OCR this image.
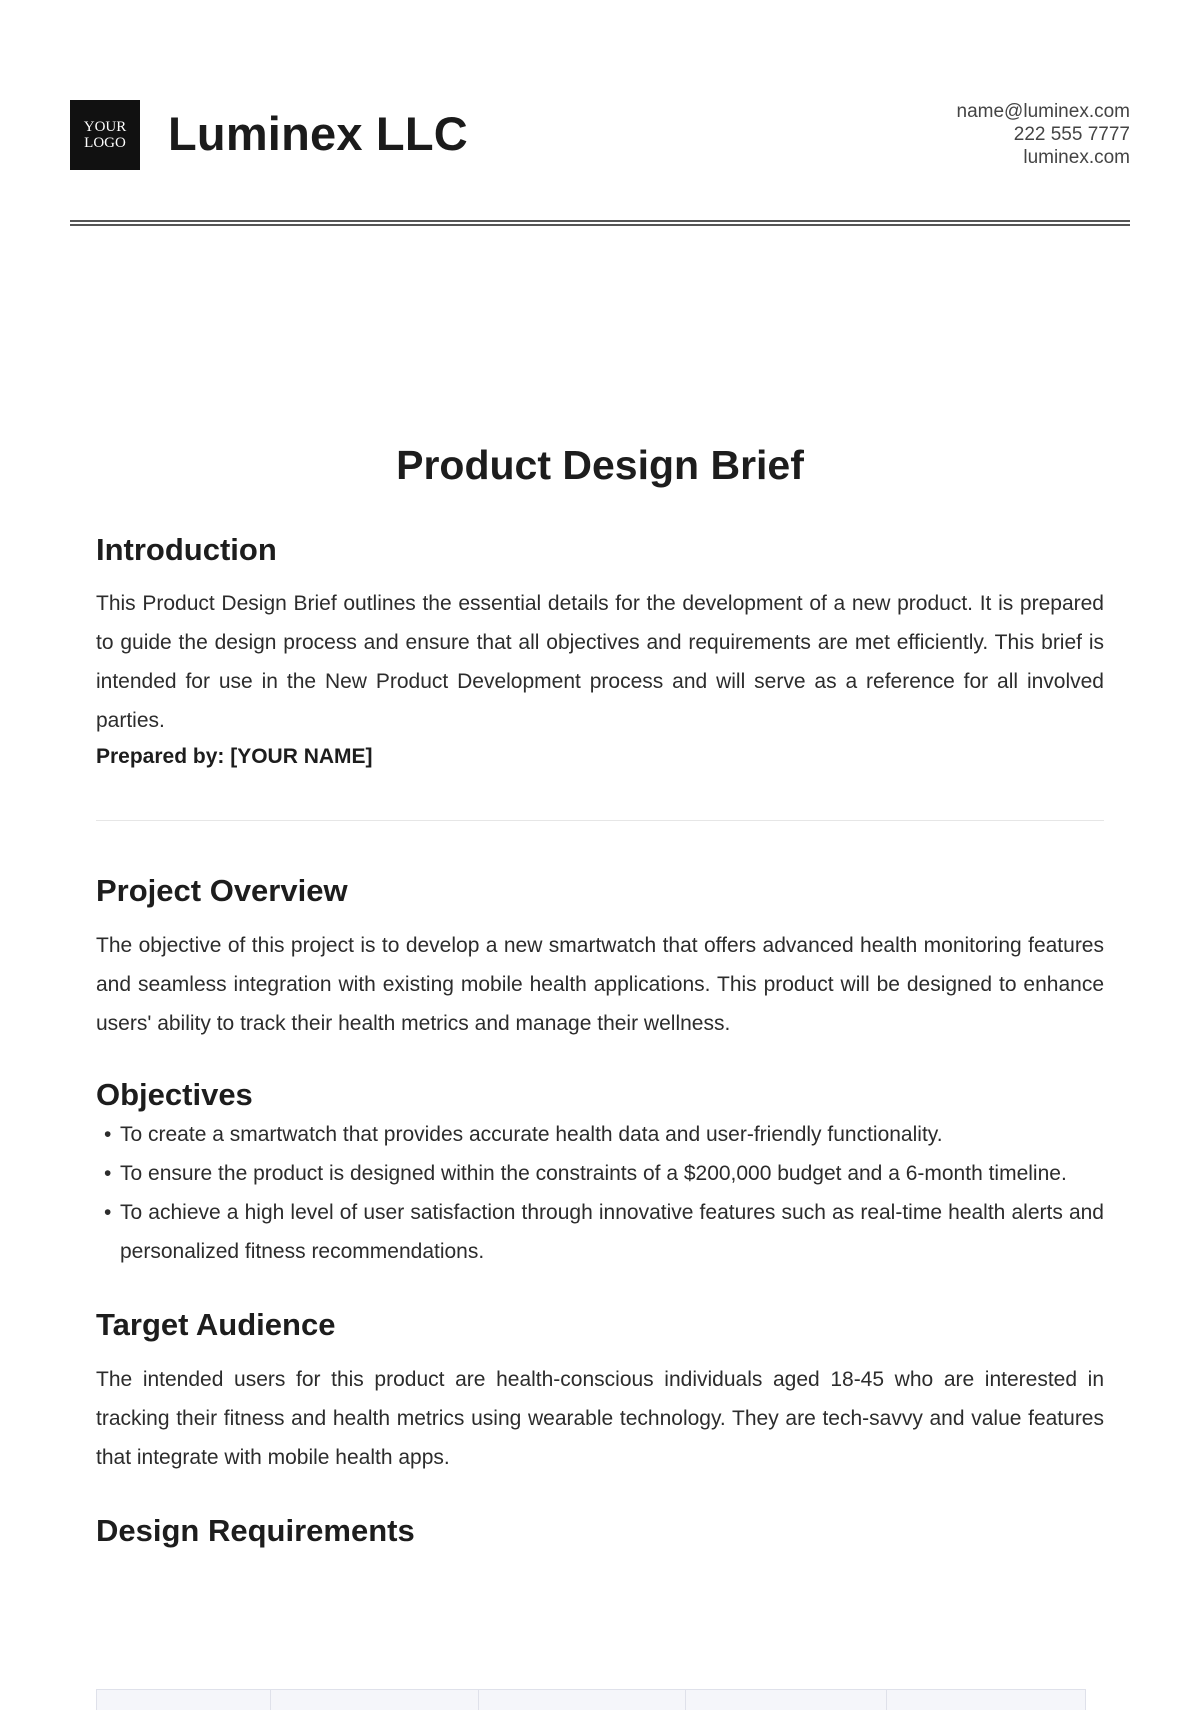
YOUR
LOGO Luminex LLC	name@luminex.com
222 555 7777
luminex.com
Product Design Brief
Introduction

This Product Design Brief outlines the essential details for the development of a new product. It is prepared to guide the design process and ensure that all objectives and requirements are met efficiently. This brief is intended for use in the New Product Development process and will serve as a reference for all involved parties.

Prepared by: [YOUR NAME]
Project Overview

The objective of this project is to develop a new smartwatch that offers advanced health monitoring features and seamless integration with existing mobile health applications. This product will be designed to enhance users' ability to track their health metrics and manage their wellness.

Objectives
• To create a smartwatch that provides accurate health data and user-friendly functionality.
• To ensure the product is designed within the constraints of a $200,000 budget and a 6-month timeline.
• To achieve a high level of user satisfaction through innovative features such as real-time health alerts and personalized fitness recommendations.
Target Audience

The intended users for this product are health-conscious individuals aged 18-45 who are interested in tracking their fitness and health metrics using wearable technology. They are tech-savvy and value features that integrate with mobile health apps.

Design Requirements
